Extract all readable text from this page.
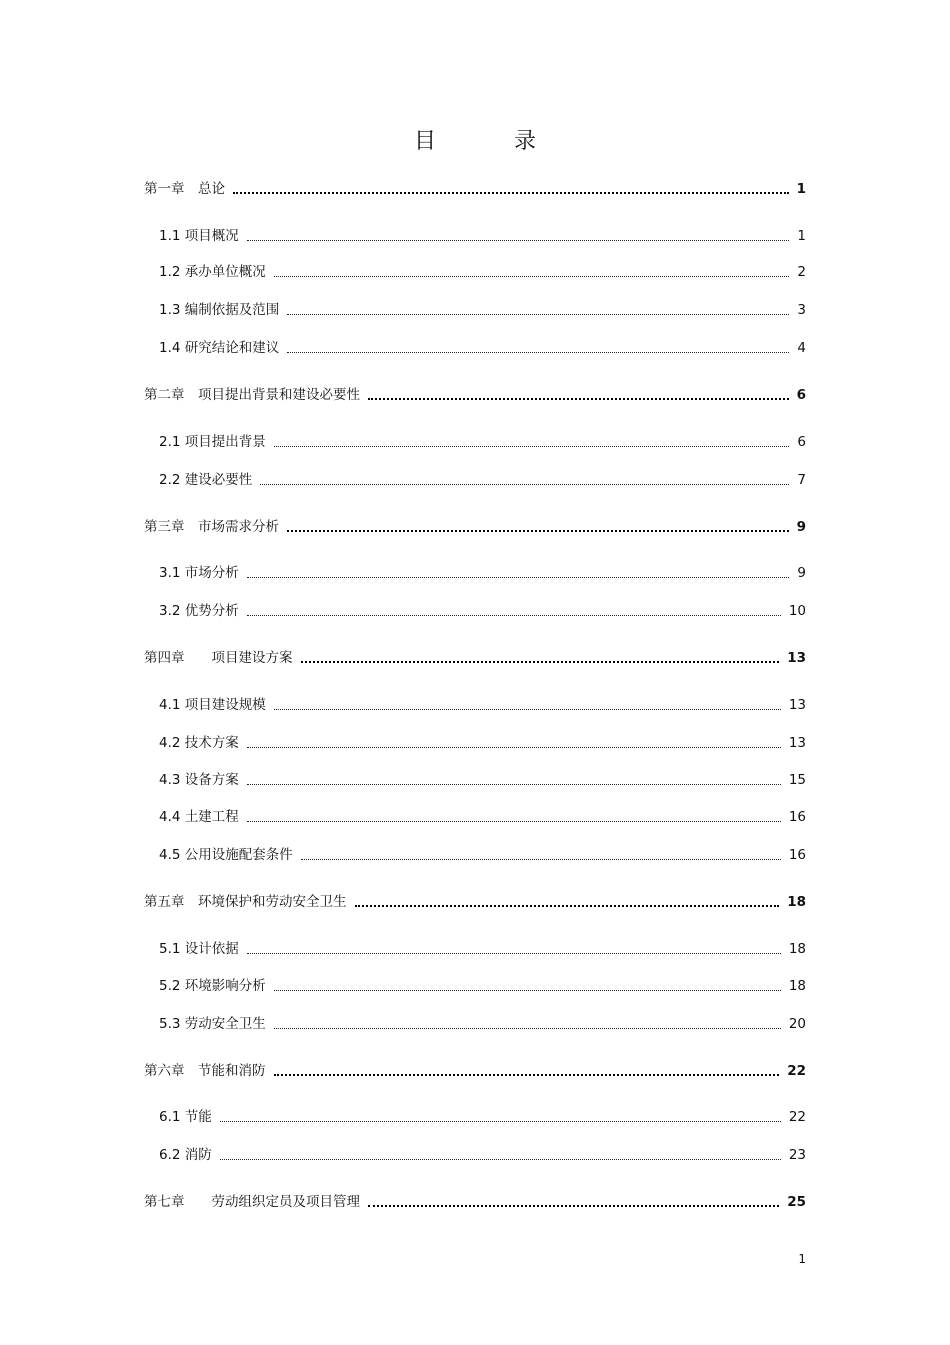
目　录
第一章　总论	1
1.1 项目概况	1
1.2 承办单位概况	2
1.3 编制依据及范围	3
1.4 研究结论和建议	4
第二章　项目提出背景和建设必要性	6
2.1 项目提出背景	6
2.2 建设必要性	7
第三章　市场需求分析	9
3.1 市场分析	9
3.2 优势分析	10
第四章　　项目建设方案	13
4.1 项目建设规模	13
4.2 技术方案	13
4.3 设备方案	15
4.4 土建工程	16
4.5 公用设施配套条件	16
第五章　环境保护和劳动安全卫生	18
5.1 设计依据	18
5.2 环境影响分析	18
5.3 劳动安全卫生	20
第六章　节能和消防	22
6.1 节能	22
6.2 消防	23
第七章　　劳动组织定员及项目管理	25
1
